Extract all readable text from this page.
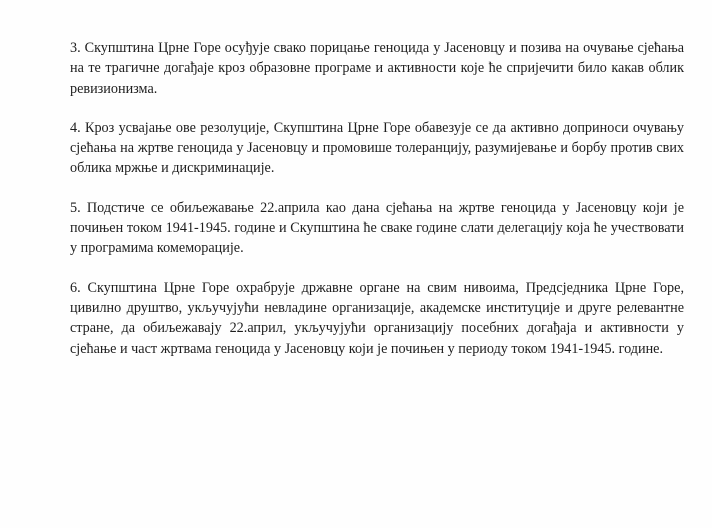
3. Скупштина Црне Горе осуђује свако порицање геноцида у Јасеновцу и позива на очување сјећања на те трагичне догађаје кроз образовне програме и активности које ће спријечити било какав облик ревизионизма.

4. Кроз усвајање ове резолуције, Скупштина Црне Горе обавезује се да активно доприноси очувању сјећања на жртве геноцида у Јасеновцу и промовише толеранцију, разумијевање и борбу против свих облика мржње и дискриминације.

5. Подстиче се обиљежавање 22.априла као дана сјећања на жртве геноцида у Јасеновцу који је почињен током 1941-1945. године и Скупштина ће сваке године слати делегацију која ће учествовати у програмима комеморације.

6. Скупштина Црне Горе охрабрује државне органе на свим нивоима, Предсједника Црне Горе, цивилно друштво, укључујући невладине организације, академске институције и друге релевантне стране, да обиљежавају 22.април, укључујући организацију посебних догађаја и активности у сјећање и част жртвама геноцида у Јасеновцу који је почињен у периоду током 1941-1945. године.
